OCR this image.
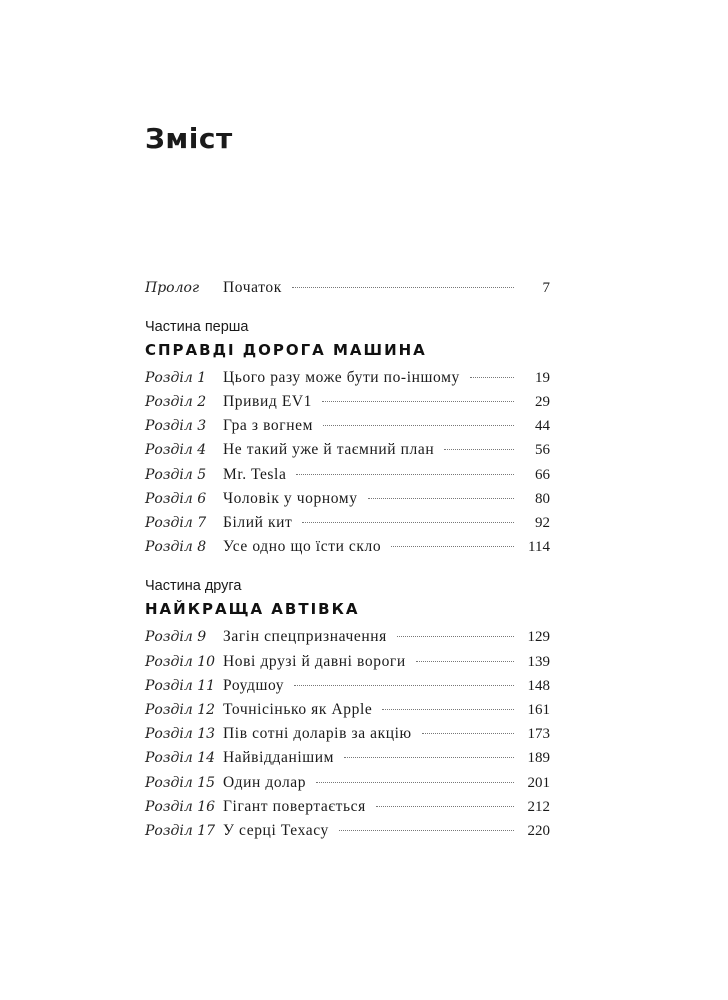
Зміст
Пролог	Початок	7
Частина перша
СПРАВДІ ДОРОГА МАШИНА
Розділ 1	Цього разу може бути по-іншому	19
Розділ 2	Привид EV1	29
Розділ 3	Гра з вогнем	44
Розділ 4	Не такий уже й таємний план	56
Розділ 5	Mr. Tesla	66
Розділ 6	Чоловік у чорному	80
Розділ 7	Білий кит	92
Розділ 8	Усе одно що їсти скло	114
Частина друга
НАЙКРАЩА АВТІВКА
Розділ 9	Загін спецпризначення	129
Розділ 10 Нові друзі й давні вороги	139
Розділ 11 Роудшоу	148
Розділ 12 Точнісінько як Apple	161
Розділ 13 Пів сотні доларів за акцію	173
Розділ 14 Найвідданішим	189
Розділ 15 Один долар	201
Розділ 16 Гігант повертається	212
Розділ 17 У серці Техасу	220
